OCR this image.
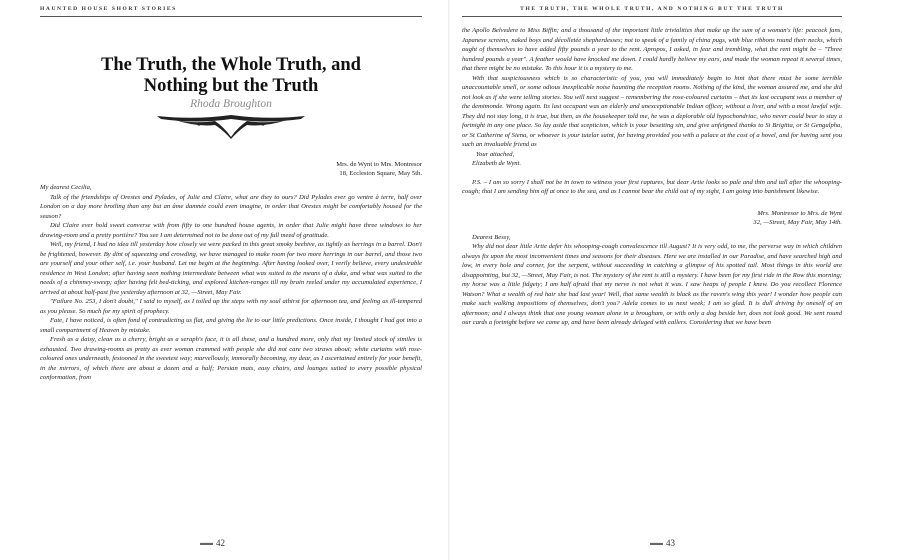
HAUNTED HOUSE SHORT STORIES
The Truth, the Whole Truth, and
Nothing but the Truth
Rhoda Broughton
Mrs. de Wynt to Mrs. Montresor
18, Eccleston Square, May 5th.

My dearest Cecilia,

Talk of the friendships of Orestes and Pylades, of Julie and Claire, what are they to ours? Did Pylades ever go ventre à terre, half over London on a day more broiling than any but an âme damnée could even imagine, in order that Orestes might be comfortably housed for the season?

Did Claire ever hold sweet converse with from fifty to one hundred house agents, in order that Julie might have three windows to her drawing-room and a pretty portière? You see I am determined not to be done out of my full meed of gratitude.

Well, my friend, I had no idea till yesterday how closely we were packed in this great smoky beehive, as tightly as herrings in a barrel. Don't be frightened, however. By dint of squeezing and crowding, we have managed to make room for two more herrings in our barrel, and those two are yourself and your other self, i.e. your husband. Let me begin at the beginning. After having looked over, I verily believe, every undesirable residence in West London; after having seen nothing intermediate between what was suited to the means of a duke, and what was suited to the needs of a chimney-sweep; after having felt bed-ticking, and explored kitchen-ranges till my brain reeled under my accumulated experience, I arrived at about half-past five yesterday afternoon at 32, —Street, May Fair.

"Failure No. 253, I don't doubt," I said to myself, as I toiled up the steps with my soul athirst for afternoon tea, and feeling as ill-tempered as you please. So much for my spirit of prophecy.

Fate, I have noticed, is often fond of contradicting us flat, and giving the lie to our little predictions. Once inside, I thought I had got into a small compartment of Heaven by mistake.

Fresh as a daisy, clean as a cherry, bright as a seraph's face, it is all these, and a hundred more, only that my limited stock of similes is exhausted. Two drawing-rooms as pretty as ever woman crammed with people she did not care two straws about; white curtains with rose-coloured ones underneath, festooned in the sweetest way; marvellously, immorally becoming, my dear, as I ascertained entirely for your benefit, in the mirrors, of which there are about a dozen and a half; Persian mats, easy chairs, and lounges suited to every possible physical conformation, from

▬▬ 42
THE TRUTH, THE WHOLE TRUTH, AND NOTHING BUT THE TRUTH

the Apollo Belvedere to Miss Biffin; and a thousand of the important little trivialities that make up the sum of a woman's life: peacock fans, Japanese screens, naked boys and décolletée shepherdesses; not to speak of a family of china pugs, with blue ribbons round their necks, which ought of themselves to have added fifty pounds a year to the rent. Apropos, I asked, in fear and trembling, what the rent might be – "Three hundred pounds a year". A feather would have knocked me down. I could hardly believe my ears, and made the woman repeat it several times, that there might be no mistake. To this hour it is a mystery to me.

With that suspiciousness which is so characteristic of you, you will immediately begin to hint that there must be some terrible unaccountable smell, or some odious inexplicable noise haunting the reception rooms. Nothing of the kind, the woman assured me, and she did not look as if she were telling stories. You will next suggest – remembering the rose-coloured curtains – that its last occupant was a member of the demimonde. Wrong again. Its last occupant was an elderly and unexceptionable Indian officer, without a liver, and with a most lawful wife. They did not stay long, it is true, but then, as the housekeeper told me, he was a deplorable old hypochondriac, who never could bear to stay a fortnight in any one place. So lay aside that scepticism, which is your besetting sin, and give unfeigned thanks to St Brigitta, or St Gengulpha, or St Catherine of Siena, or whoever is your tutelar saint, for having provided you with a palace at the cost of a hovel, and for having sent you such an invaluable friend as

Your attached,

Elizabeth de Wynt.

P.S. – I am so sorry I shall not be in town to witness your first raptures, but dear Artie looks so pale and thin and tall after the whooping-cough; that I am sending him off at once to the sea, and as I cannot bear the child out of my sight, I am going into banishment likewise.

Mrs. Montresor to Mrs. de Wynt
32, —Street, May Fair, May 14th.

Dearest Bessy,

Why did not dear little Artie defer his whooping-cough convalescence till August? It is very odd, to me, the perverse way in which children always fix upon the most inconvenient times and seasons for their diseases. Here we are installed in our Paradise, and have searched high and low, in every hole and corner, for the serpent, without succeeding in catching a glimpse of his spotted tail. Most things in this world are disappointing, but 32, —Street, May Fair, is not. The mystery of the rent is still a mystery. I have been for my first ride in the Row this morning; my horse was a little fidgety; I am half afraid that my nerve is not what it was. I saw heaps of people I knew. Do you recollect Florence Watson? What a wealth of red hair she had last year! Well, that same wealth is black as the raven's wing this year! I wonder how people can make such walking impositions of themselves, don't you? Adela comes to us next week; I am so glad. It is dull driving by oneself of an afternoon; and I always think that one young woman alone in a brougham, or with only a dog beside her, does not look good. We sent round our cards a fortnight before we came up, and have been already deluged with callers. Considering that we have been

▬▬ 43
